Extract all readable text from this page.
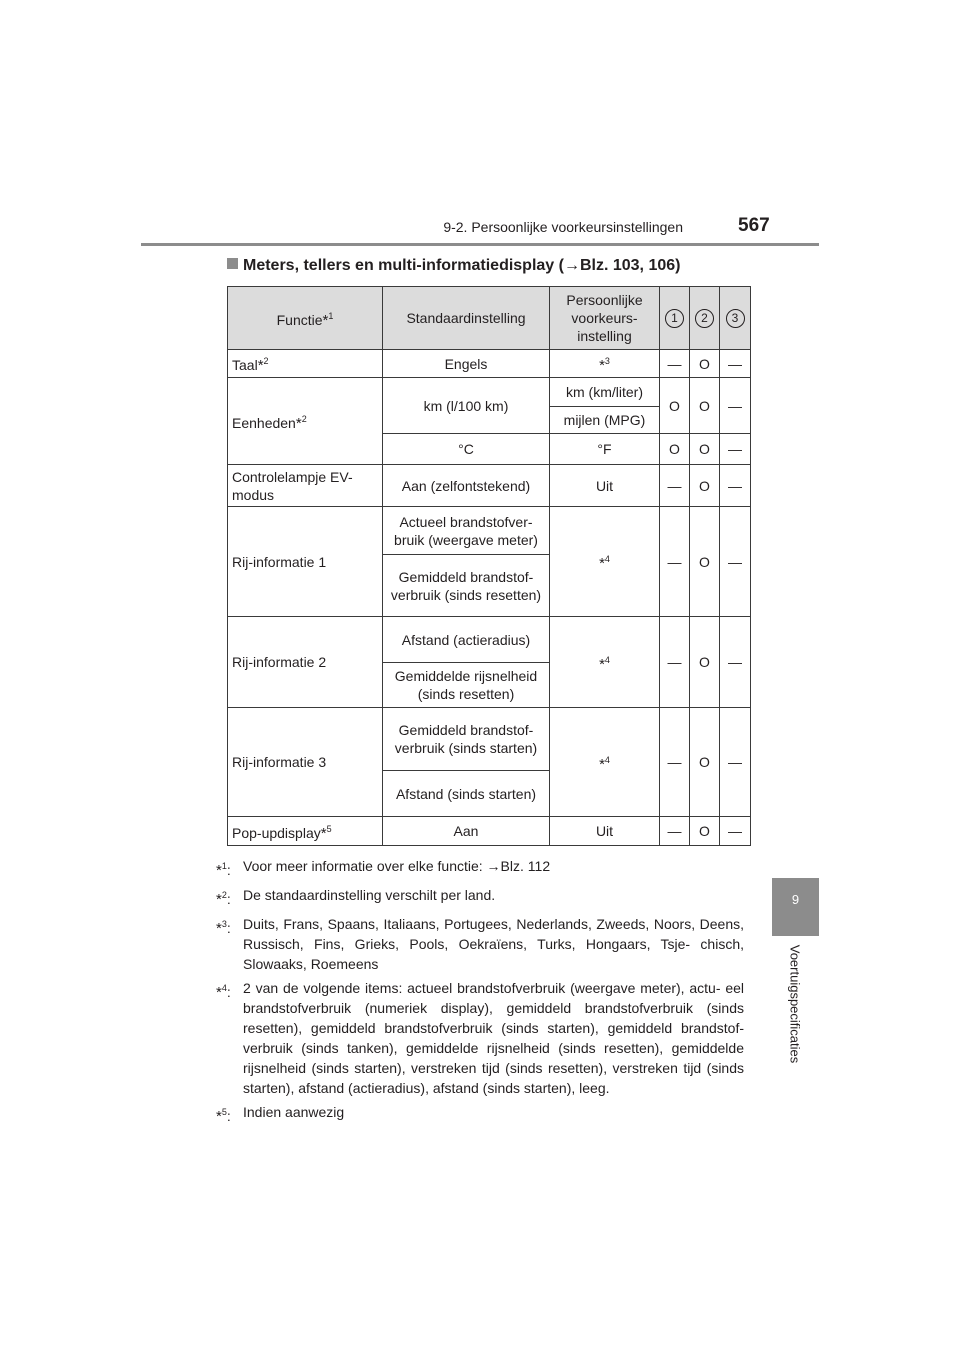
9-2. Persoonlijke voorkeursinstellingen	567
9
Voertuigspecificaties
Meters, tellers en multi-informatiedisplay (→Blz. 103, 106)
Functie*$^1$	Standaardinstelling	Persoonlijke voorkeurs- instelling	1	2	3
Taal*$^2$	Engels	*$^3$	—	O	—
Eenheden*$^2$	km (l/100 km)	km (km/liter)	O	O	—
		mijlen (MPG)			
	°C	°F	O	O	—
Controlelampje EV-modus	Aan (zelfontstekend)	Uit	—	O	—
Rij-informatie 1	Actueel brandstofver- bruik (weergave meter)	*$^4$	—	O	—
	Gemiddeld brandstof- verbruik (sinds resetten)				
Rij-informatie 2	Afstand (actieradius)	*$^4$	—	O	—
	Gemiddelde rijsnelheid (sinds resetten)				
Rij-informatie 3	Gemiddeld brandstof- verbruik (sinds starten)	*$^4$	—	O	—
	Afstand (sinds starten)				
Pop-updisplay*$^5$	Aan	Uit	—	O	—
*$^1$: Voor meer informatie over elke functie: →Blz. 112
*$^2$: De standaardinstelling verschilt per land.
*$^3$: Duits, Frans, Spaans, Italiaans, Portugees, Nederlands, Zweeds, Noors, Deens, Russisch, Fins, Grieks, Pools, Oekraïens, Turks, Hongaars, Tsje- chisch, Slowaaks, Roemeens
*$^4$: 2 van de volgende items: actueel brandstofverbruik (weergave meter), actu- eel brandstofverbruik (numeriek display), gemiddeld brandstofverbruik (sinds resetten), gemiddeld brandstofverbruik (sinds starten), gemiddeld brandstof- verbruik (sinds tanken), gemiddelde rijsnelheid (sinds resetten), gemiddelde rijsnelheid (sinds starten), verstreken tijd (sinds resetten), verstreken tijd (sinds starten), afstand (actieradius), afstand (sinds starten), leeg.
*$^5$: Indien aanwezig
